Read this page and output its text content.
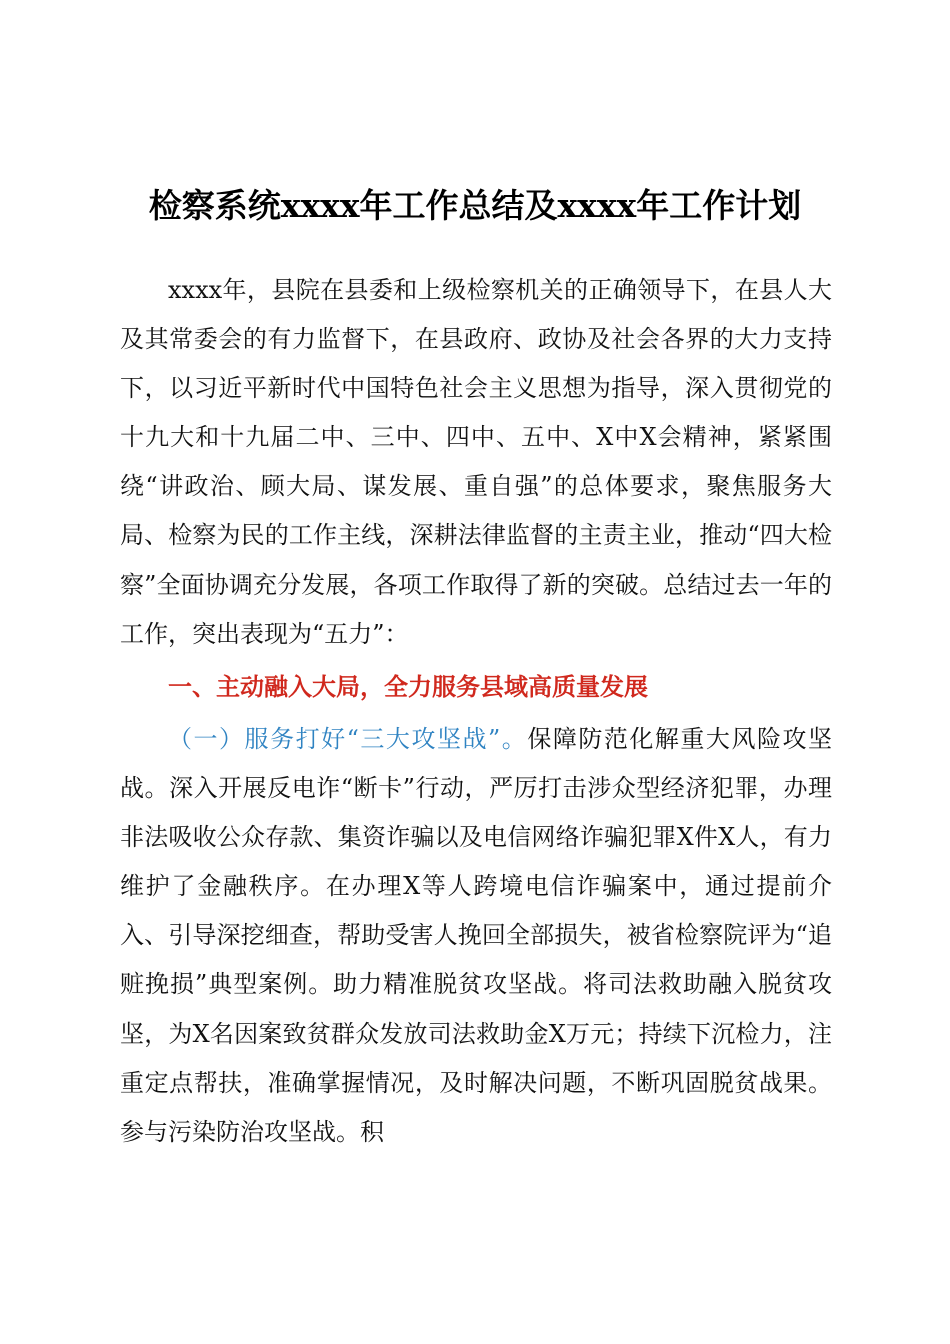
检察系统xxxx年工作总结及xxxx年工作计划

xxxx年，县院在县委和上级检察机关的正确领导下，在县人大及其常委会的有力监督下，在县政府、政协及社会各界的大力支持下，以习近平新时代中国特色社会主义思想为指导，深入贯彻党的十九大和十九届二中、三中、四中、五中、X中X会精神，紧紧围绕“讲政治、顾大局、谋发展、重自强”的总体要求，聚焦服务大局、检察为民的工作主线，深耕法律监督的主责主业，推动“四大检察”全面协调充分发展，各项工作取得了新的突破。总结过去一年的工作，突出表现为“五力”：

一、主动融入大局，全力服务县域高质量发展

（一）服务打好“三大攻坚战”。保障防范化解重大风险攻坚战。深入开展反电诈“断卡”行动，严厉打击涉众型经济犯罪，办理非法吸收公众存款、集资诈骗以及电信网络诈骗犯罪X件X人，有力维护了金融秩序。在办理X等人跨境电信诈骗案中，通过提前介入、引导深挖细查，帮助受害人挽回全部损失，被省检察院评为“追赃挽损”典型案例。助力精准脱贫攻坚战。将司法救助融入脱贫攻坚，为X名因案致贫群众发放司法救助金X万元；持续下沉检力，注重定点帮扶，准确掌握情况，及时解决问题，不断巩固脱贫战果。参与污染防治攻坚战。积
